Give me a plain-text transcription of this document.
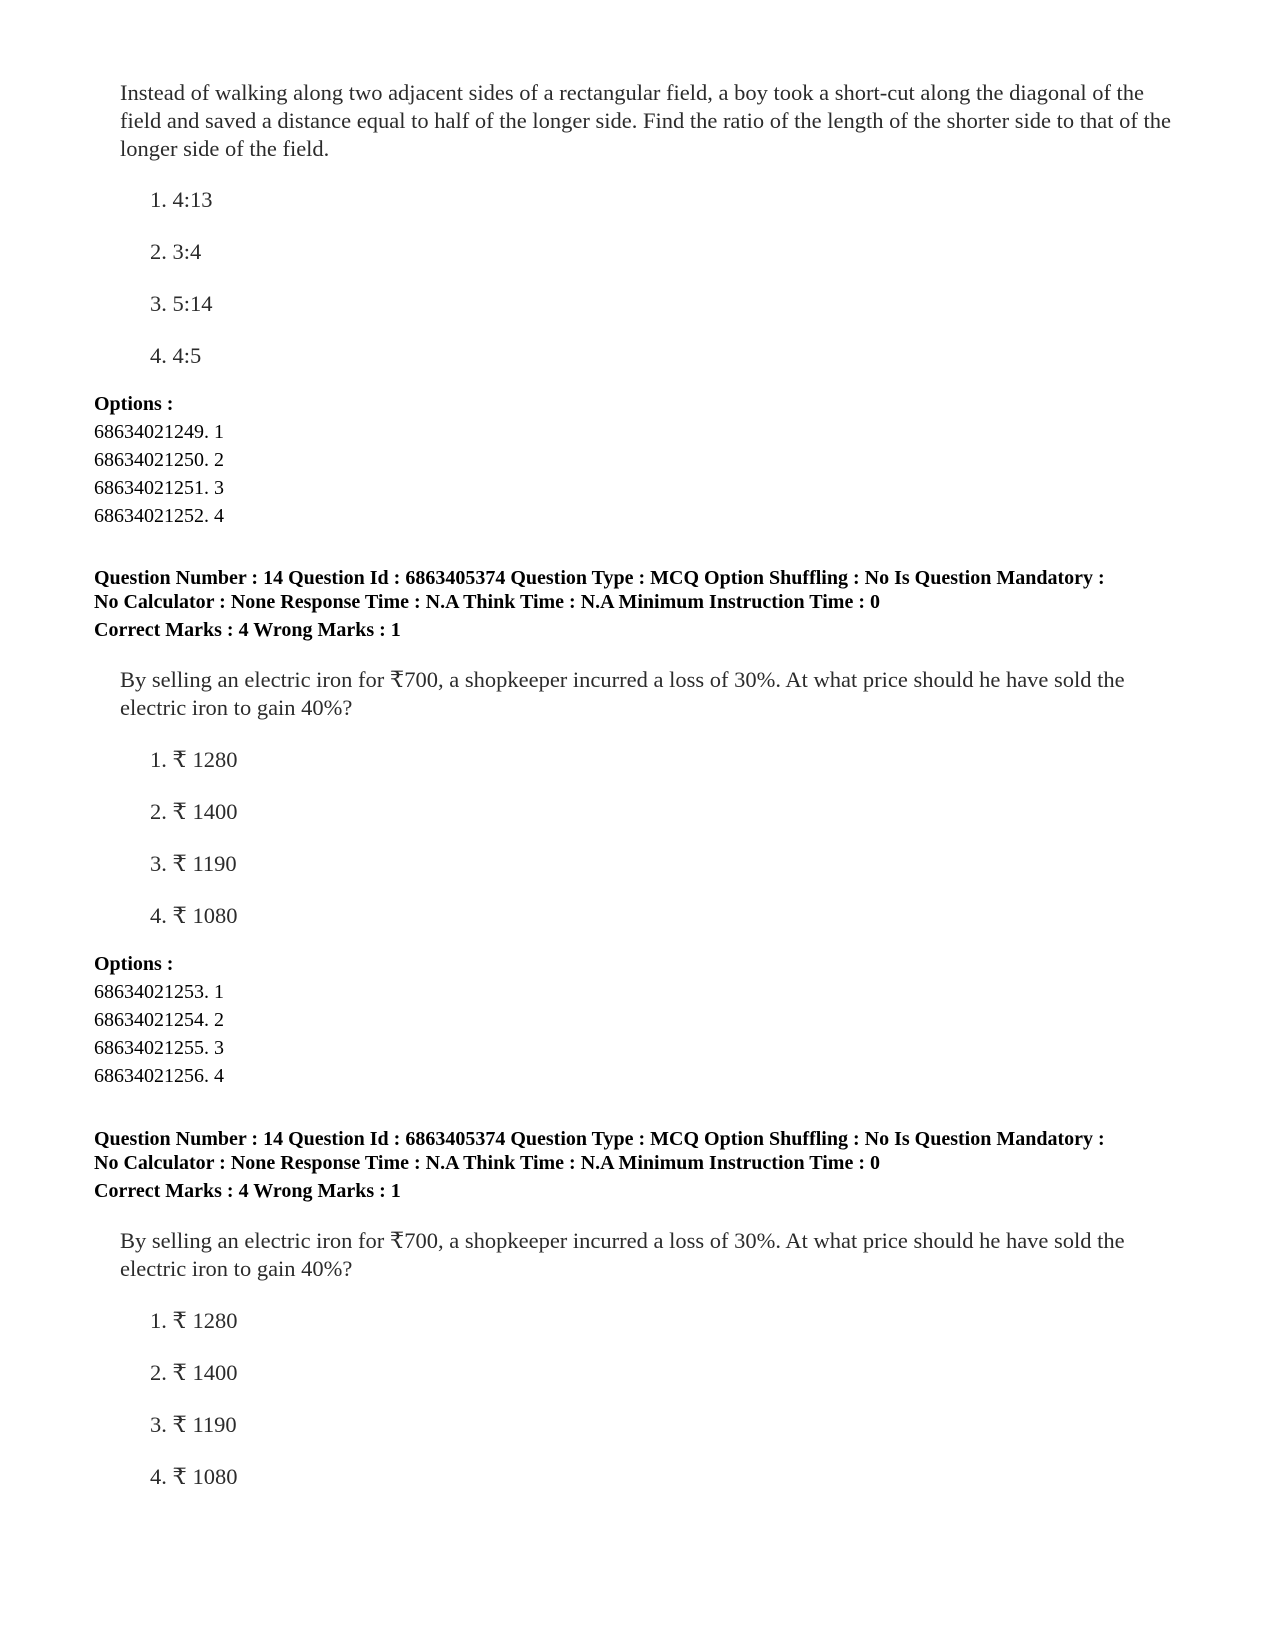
Instead of walking along two adjacent sides of a rectangular field, a boy took a short-cut along the diagonal of the field and saved a distance equal to half of the longer side. Find the ratio of the length of the shorter side to that of the longer side of the field.
1. 4:13
2. 3:4
3. 5:14
4. 4:5
Options :
68634021249. 1
68634021250. 2
68634021251. 3
68634021252. 4
Question Number : 14 Question Id : 6863405374 Question Type : MCQ Option Shuffling : No Is Question Mandatory :
No Calculator : None Response Time : N.A Think Time : N.A Minimum Instruction Time : 0
Correct Marks : 4 Wrong Marks : 1
By selling an electric iron for ₹700, a shopkeeper incurred a loss of 30%. At what price should he have sold the electric iron to gain 40%?
1. ₹ 1280
2. ₹ 1400
3. ₹ 1190
4. ₹ 1080
Options :
68634021253. 1
68634021254. 2
68634021255. 3
68634021256. 4
Question Number : 14 Question Id : 6863405374 Question Type : MCQ Option Shuffling : No Is Question Mandatory :
No Calculator : None Response Time : N.A Think Time : N.A Minimum Instruction Time : 0
Correct Marks : 4 Wrong Marks : 1
By selling an electric iron for ₹700, a shopkeeper incurred a loss of 30%. At what price should he have sold the electric iron to gain 40%?
1. ₹ 1280
2. ₹ 1400
3. ₹ 1190
4. ₹ 1080
